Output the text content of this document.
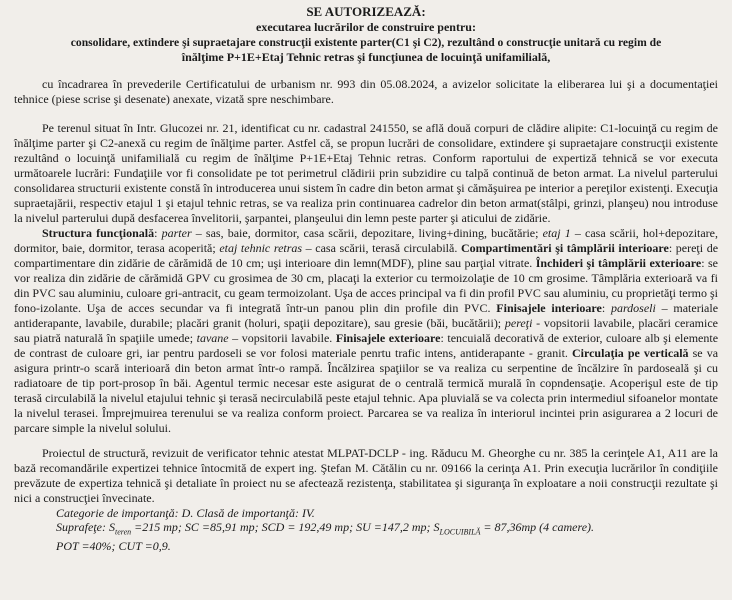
SE AUTORIZEAZĂ:

executarea lucrărilor de construire pentru:

consolidare, extindere şi supraetajare construcţii existente parter(C1 şi C2), rezultând o construcţie unitară cu regim de

înălţime P+1E+Etaj Tehnic retras şi funcţiunea de locuinţă unifamilială,

cu încadrarea în prevederile Certificatului de urbanism nr. 993 din 05.08.2024, a avizelor solicitate la eliberarea lui şi a documentaţiei tehnice (piese scrise şi desenate) anexate, vizată spre neschimbare.

Pe terenul situat în Intr. Glucozei nr. 21, identificat cu nr. cadastral 241550, se află două corpuri de clădire alipite: C1-locuinţă cu regim de înălţime parter şi C2-anexă cu regim de înălţime parter. Astfel că, se propun lucrări de consolidare, extindere şi supraetajare construcţii existente rezultând o locuinţă unifamilială cu regim de înălţime P+1E+Etaj Tehnic retras. Conform raportului de expertiză tehnică se vor executa următoarele lucrări: Fundaţiile vor fi consolidate pe tot perimetrul clădirii prin subzidire cu talpă continuă de beton armat. La nivelul parterului consolidarea structurii existente constă în introducerea unui sistem în cadre din beton armat şi cămăşuirea pe interior a pereţilor existenţi. Execuţia supraetajării, respectiv etajul 1 şi etajul tehnic retras, se va realiza prin continuarea cadrelor din beton armat(stâlpi, grinzi, planşeu) nou introduse la nivelul parterului după desfacerea învelitorii, şarpantei, planşeului din lemn peste parter şi aticului de zidărie.

Structura funcţională: parter – sas, baie, dormitor, casa scării, depozitare, living+dining, bucătărie; etaj 1 – casa scării, hol+depozitare, dormitor, baie, dormitor, terasa acoperită; etaj tehnic retras – casa scării, terasă circulabilă. Compartimentări şi tâmplării interioare: pereţi de compartimentare din zidărie de cărămidă de 10 cm; uşi interioare din lemn(MDF), pline sau parţial vitrate. Închideri şi tâmplării exterioare: se vor realiza din zidărie de cărămidă GPV cu grosimea de 30 cm, placaţi la exterior cu termoizolaţie de 10 cm grosime. Tâmplăria exterioară va fi din PVC sau aluminiu, culoare gri-antracit, cu geam termoizolant. Uşa de acces principal va fi din profil PVC sau aluminiu, cu proprietăţi termo şi fono-izolante. Uşa de acces secundar va fi integrată într-un panou plin din profile din PVC. Finisajele interioare: pardoseli – materiale antiderapante, lavabile, durabile; placări granit (holuri, spaţii depozitare), sau gresie (băi, bucătării); pereţi - vopsitorii lavabile, placări ceramice sau piatră naturală în spaţiile umede; tavane – vopsitorii lavabile. Finisajele exterioare: tencuială decorativă de exterior, culoare alb şi elemente de contrast de culoare gri, iar pentru pardoseli se vor folosi materiale penrtu trafic intens, antiderapante - granit. Circulaţia pe verticală se va asigura printr-o scară interioară din beton armat într-o rampă. Încălzirea spaţiilor se va realiza cu serpentine de încălzire în pardoseală şi cu radiatoare de tip port-prosop în băi. Agentul termic necesar este asigurat de o centrală termică murală în copndensaţie. Acoperişul este de tip terasă circulabilă la nivelul etajului tehnic şi terasă necirculabilă peste etajul tehnic. Apa pluvială se va colecta prin intermediul sifoanelor montate la nivelul terasei. Împrejmuirea terenului se va realiza conform proiect. Parcarea se va realiza în interiorul incintei prin asigurarea a 2 locuri de parcare simple la nivelul solului.

Proiectul de structură, revizuit de verificator tehnic atestat MLPAT-DCLP - ing. Răducu M. Gheorghe cu nr. 385 la cerinţele A1, A11 are la bază recomandările expertizei tehnice întocmită de expert ing. Ştefan M. Cătălin cu nr. 09166 la cerinţa A1. Prin execuţia lucrărilor în condiţiile prevăzute de expertiza tehnică şi detaliate în proiect nu se afectează rezistenţa, stabilitatea şi siguranţa în exploatare a noii construcţii rezultate şi nici a construcţiei învecinate.

Categorie de importanţă: D. Clasă de importanţă: IV.

Suprafeţe: $S_{teren} =215$ mp; SC =85,91 mp; SCD = 192,49 mp; SU =147,2 mp; $S_{LOCUIBILĂ} = 87,36mp$ (4 camere).

POT =40%; CUT =0,9.
